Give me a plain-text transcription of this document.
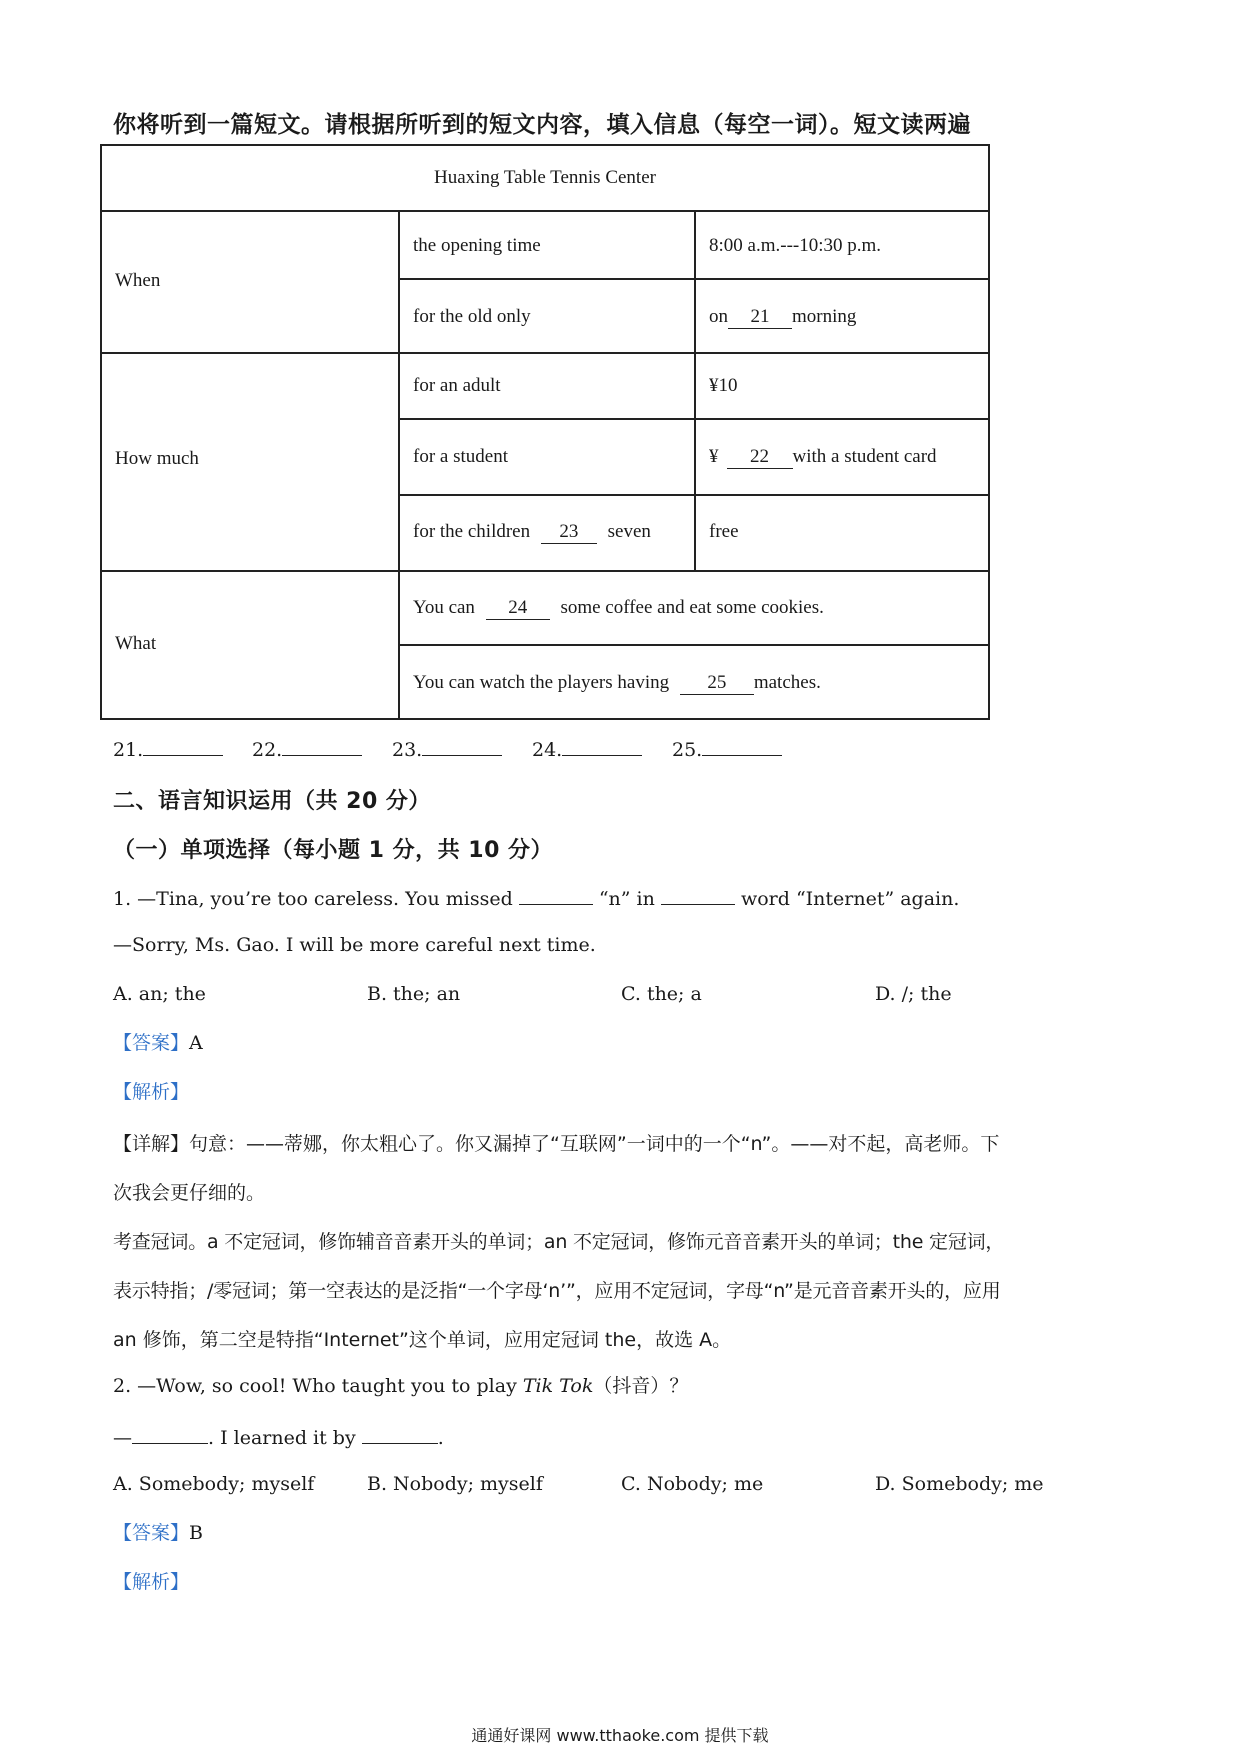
你将听到一篇短文。请根据所听到的短文内容，填入信息（每空一词）。短文读两遍
Huaxing Table Tennis Center
When
the opening time	8:00 a.m.---10:30 p.m.
for the old only	on 21 morning
How much
for an adult	¥10
for a student	¥ 22 with a student card
for the children 23 seven	free
What
You can 24 some coffee and eat some cookies.
You can watch the players having 25 matches.
21.	22.	23.	24.	25.
二、语言知识运用（共 20 分）
（一）单项选择（每小题 1 分，共 10 分）
1. —Tina, you’re too careless. You missed	“n” in	word “Internet” again.
—Sorry, Ms. Gao. I will be more careful next time.
A. an; the	B. the; an	C. the; a	D. /; the
【答案】A
【解析】
【详解】句意：——蒂娜，你太粗心了。你又漏掉了“互联网”一词中的一个“n”。——对不起，高老师。下
次我会更仔细的。
考查冠词。a 不定冠词，修饰辅音音素开头的单词；an 不定冠词，修饰元音音素开头的单词；the 定冠词，
表示特指；/零冠词；第一空表达的是泛指“一个字母‘n’”，应用不定冠词，字母“n”是元音音素开头的，应用
an 修饰，第二空是特指“Internet”这个单词，应用定冠词 the，故选 A。
2. —Wow, so cool! Who taught you to play Tik Tok（抖音）？
—	. I learned it by	.
A. Somebody; myself	B. Nobody; myself	C. Nobody; me	D. Somebody; me
【答案】B
【解析】
通通好课网 www.tthaoke.com 提供下载
